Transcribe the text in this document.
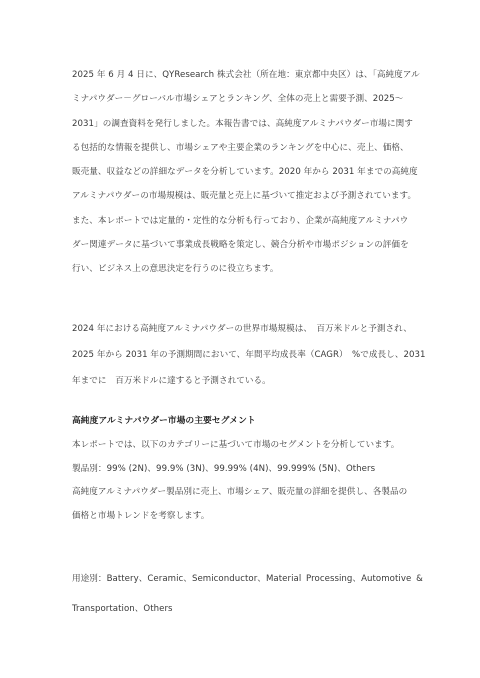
2025 年 6 月 4 日に、QYResearch 株式会社（所在地：東京都中央区）は、「高純度アル
ミナパウダー－グローバル市場シェアとランキング、全体の売上と需要予測、2025～
2031」の調査資料を発行しました。本報告書では、高純度アルミナパウダー市場に関す
る包括的な情報を提供し、市場シェアや主要企業のランキングを中心に、売上、価格、
販売量、収益などの詳細なデータを分析しています。2020 年から 2031 年までの高純度
アルミナパウダーの市場規模は、販売量と売上に基づいて推定および予測されています。
また、本レポートでは定量的・定性的な分析も行っており、企業が高純度アルミナパウ
ダー関連データに基づいて事業成長戦略を策定し、競合分析や市場ポジションの評価を
行い、ビジネス上の意思決定を行うのに役立ちます。

2024 年における高純度アルミナパウダーの世界市場規模は、　百万米ドルと予測され、
2025 年から 2031 年の予測期間において、年間平均成長率（CAGR）　%で成長し、2031
年までに　百万米ドルに達すると予測されている。

高純度アルミナパウダー市場の主要セグメント

本レポートでは、以下のカテゴリーに基づいて市場のセグメントを分析しています。
製品別：99% (2N)、99.9% (3N)、99.99% (4N)、99.999% (5N)、Others
高純度アルミナパウダー製品別に売上、市場シェア、販売量の詳細を提供し、各製品の
価格と市場トレンドを考察します。

用途別：Battery、Ceramic、Semiconductor、Material Processing、Automotive &
Transportation、Others
